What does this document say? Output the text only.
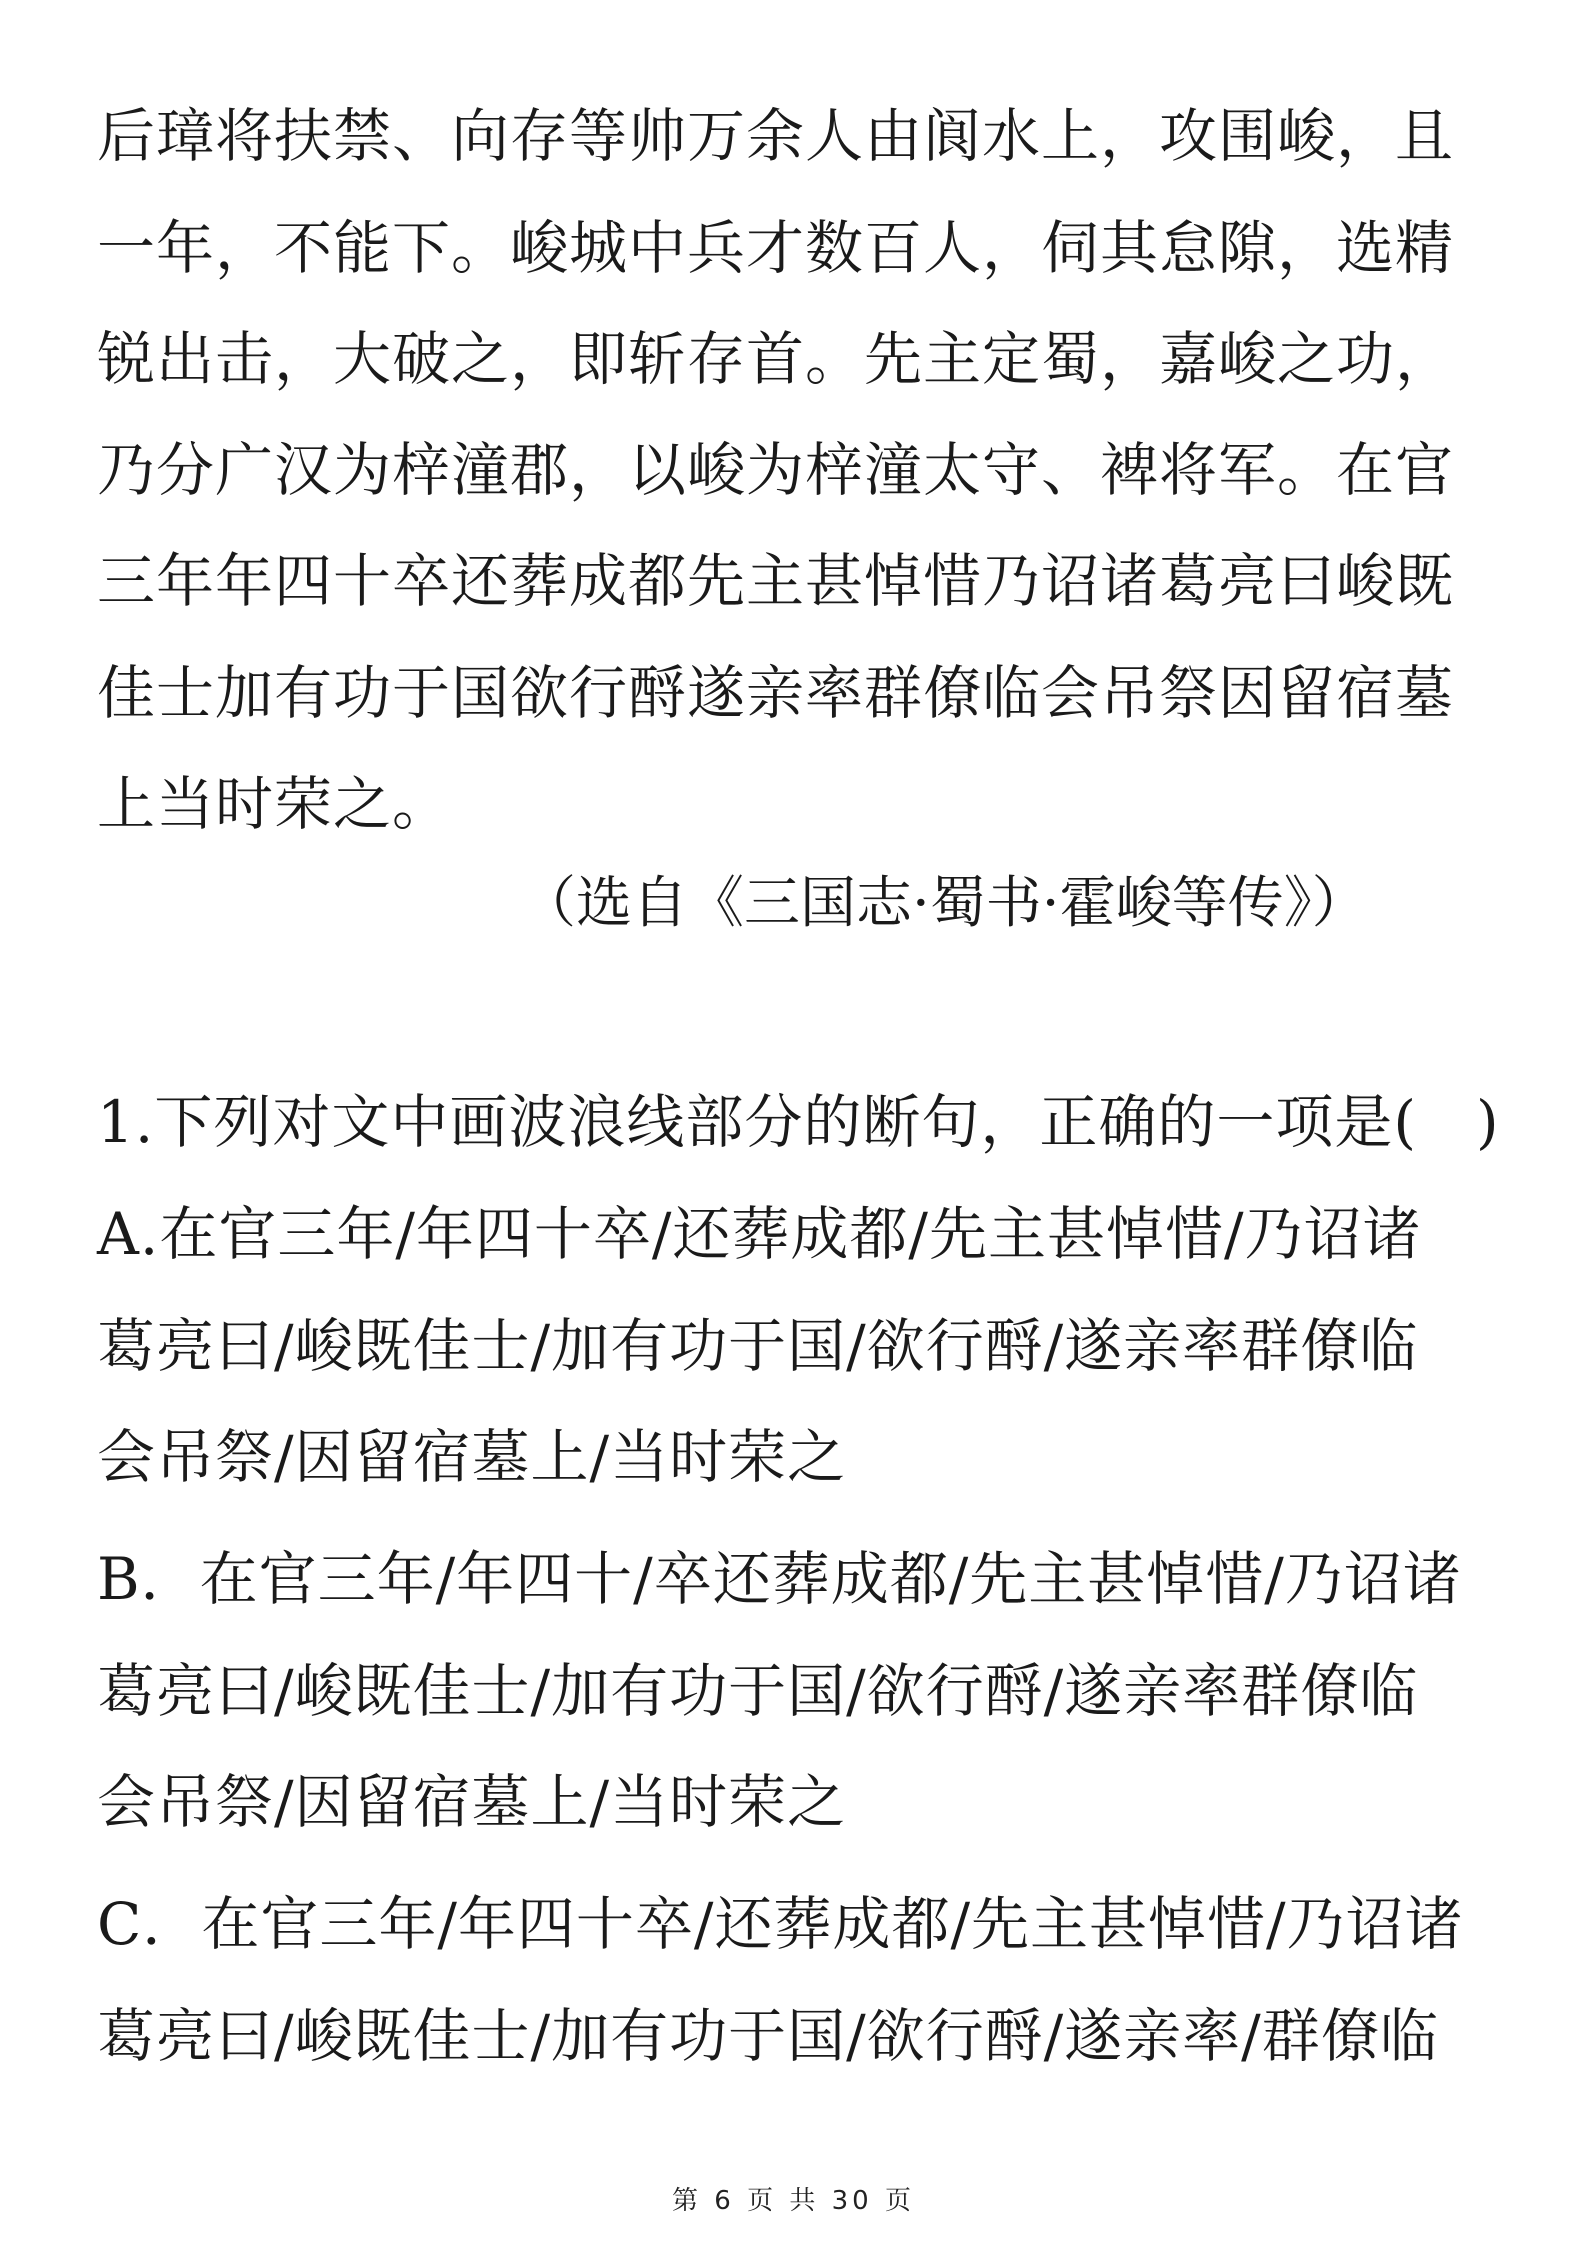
后璋将扶禁、向存等帅万余人由阆水上，攻围峻，且
一年，不能下。峻城中兵才数百人，伺其怠隙，选精
锐出击，大破之，即斩存首。先主定蜀，嘉峻之功，
乃分广汉为梓潼郡，以峻为梓潼太守、裨将军。在官
三年年四十卒还葬成都先主甚悼惜乃诏诸葛亮曰峻既
佳士加有功于国欲行酹遂亲率群僚临会吊祭因留宿墓
上当时荣之。
（选自《三国志·蜀书·霍峻等传》）
1.下列对文中画波浪线部分的断句，正确的一项是(　)
A.在官三年/年四十卒/还葬成都/先主甚悼惜/乃诏诸
葛亮曰/峻既佳士/加有功于国/欲行酹/遂亲率群僚临
会吊祭/因留宿墓上/当时荣之
B．在官三年/年四十/卒还葬成都/先主甚悼惜/乃诏诸
葛亮曰/峻既佳士/加有功于国/欲行酹/遂亲率群僚临
会吊祭/因留宿墓上/当时荣之
C．在官三年/年四十卒/还葬成都/先主甚悼惜/乃诏诸
葛亮曰/峻既佳士/加有功于国/欲行酹/遂亲率/群僚临
第 6 页 共 30 页
